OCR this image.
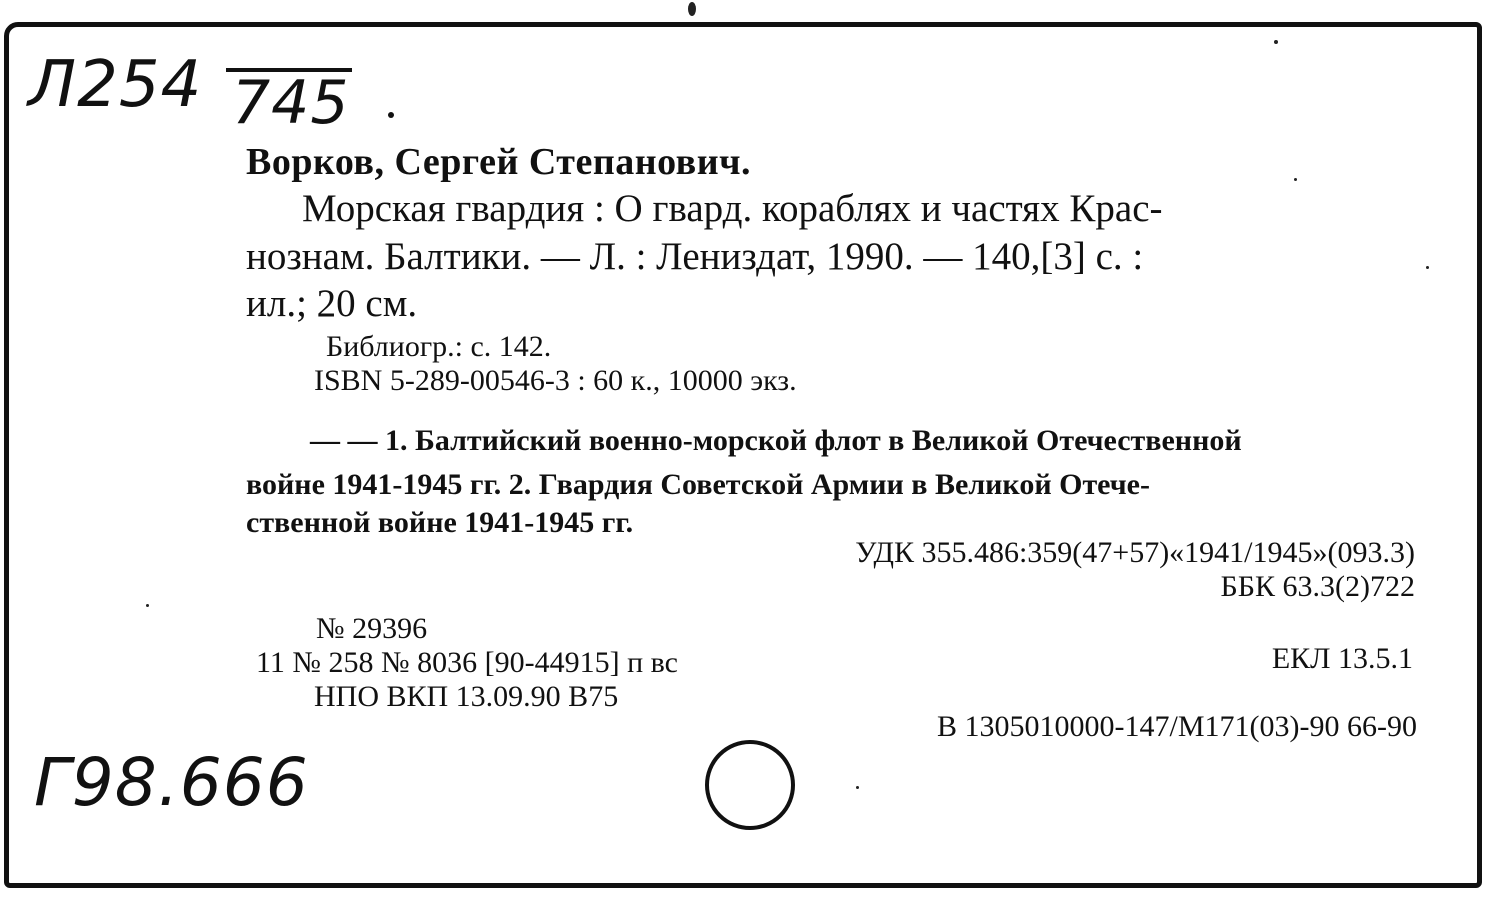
Л254 745
Ворков, Сергей Степанович.
Морская гвардия : О гвард. кораблях и частях Крас-
нознам. Балтики. — Л. : Лениздат, 1990. — 140,[3] с. :
ил.; 20 см.
Библиогр.: с. 142.
ISBN 5-289-00546-3 : 60 к., 10000 экз.
— — 1. Балтийский военно-морской флот в Великой Отечественной
войне 1941-1945 гг. 2. Гвардия Советской Армии в Великой Отече-
ственной войне 1941-1945 гг.
УДК 355.486:359(47+57)«1941/1945»(093.3)
ББК 63.3(2)722
№ 29396
11 № 258 № 8036 [90-44915] п вс
НПО ВКП 13.09.90 В75
ЕКЛ 13.5.1
В 1305010000-147/М171(03)-90 66-90
Г98.666
